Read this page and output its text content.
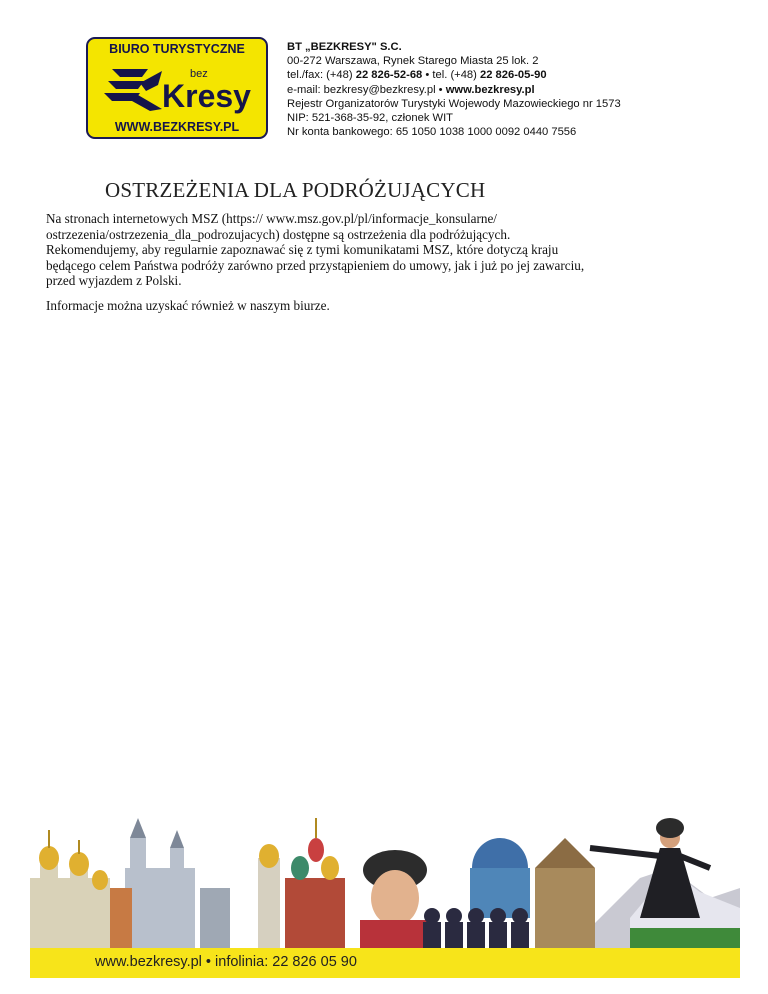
BIURO TURYSTYCZNE
bez
Kresy
WWW.BEZKRESY.PL
BT „BEZKRESY" S.C.
00-272 Warszawa, Rynek Starego Miasta 25 lok. 2
tel./fax: (+48) 22 826-52-68 • tel. (+48) 22 826-05-90
e-mail: bezkresy@bezkresy.pl • www.bezkresy.pl
Rejestr Organizatorów Turystyki Wojewody Mazowieckiego nr 1573
NIP: 521-368-35-92, członek WIT
Nr konta bankowego: 65 1050 1038 1000 0092 0440 7556
OSTRZEŻENIA DLA PODRÓŻUJĄCYCH

Na stronach internetowych MSZ (https:// www.msz.gov.pl/pl/informacje_konsularne/

ostrzezenia/ostrzezenia_dla_podrozujacych) dostępne są ostrzeżenia dla podróżujących.

Rekomendujemy, aby regularnie zapoznawać się z tymi komunikatami MSZ, które dotyczą kraju

będącego celem Państwa podróży zarówno przed przystąpieniem do umowy, jak i już po jej zawarciu,

przed wyjazdem z Polski.

Informacje można uzyskać również w naszym biurze.

www.bezkresy.pl • infolinia: 22 826 05 90
